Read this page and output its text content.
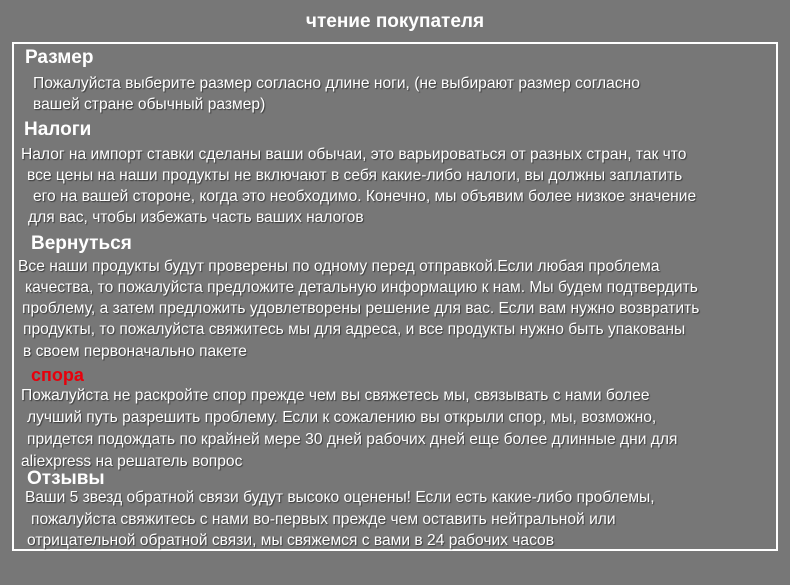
чтение покупателя
Размер
Пожалуйста выберите размер согласно длине ноги, (не выбирают размер согласно
вашей стране обычный размер)
Налоги
Налог на импорт ставки сделаны ваши обычаи, это варьироваться от разных стран, так что
все цены на наши продукты не включают в себя какие-либо налоги, вы должны заплатить
его на вашей стороне, когда это необходимо. Конечно, мы объявим более низкое значение
для вас, чтобы избежать часть ваших налогов
Вернуться
Все наши продукты будут проверены по одному перед отправкой.Если любая проблема
качества, то пожалуйста предложите детальную информацию к нам. Мы будем подтвердить
проблему, а затем предложить удовлетворены решение для вас. Если вам нужно возвратить
продукты, то пожалуйста свяжитесь мы для адреса, и все продукты нужно быть упакованы
в своем первоначально пакете
спора
Пожалуйста не раскройте спор прежде чем вы свяжетесь мы, связывать с нами более
лучший путь разрешить проблему. Если к сожалению вы открыли спор, мы, возможно,
придется подождать по крайней мере 30 дней рабочих дней еще более длинные дни для
aliexpress на решатель вопрос
Отзывы
Ваши 5 звезд обратной связи будут высоко оценены! Если есть какие-либо проблемы,
пожалуйста свяжитесь с нами во-первых прежде чем оставить нейтральной или
отрицательной обратной связи, мы свяжемся с вами в 24 рабочих часов
